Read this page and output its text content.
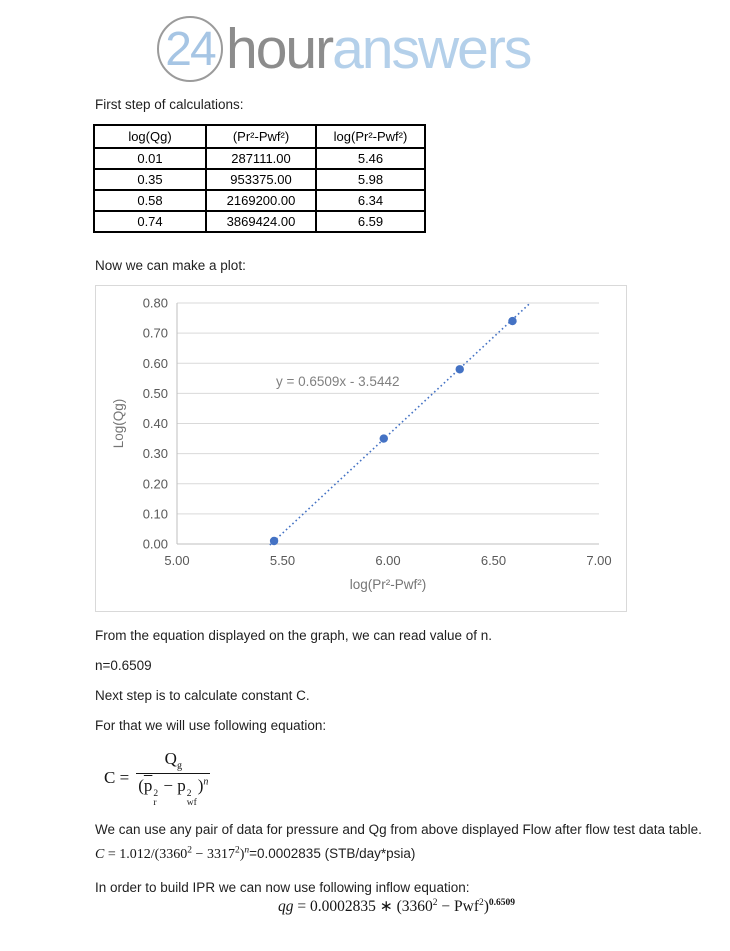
24 hour answers
First step of calculations:
log(Qg)	(Pr²-Pwf²)	log(Pr²-Pwf²)
0.01	287111.00	5.46
0.35	953375.00	5.98
0.58	2169200.00	6.34
0.74	3869424.00	6.59
Now we can make a plot:
0.00
0.10
0.20
0.30
0.40
0.50
0.60
0.70
0.80
5.00	5.50	6.00	6.50	7.00
y = 0.6509x - 3.5442
log(Pr²-Pwf²)
Log(Qg)
From the equation displayed on the graph, we can read value of n.
n=0.6509
Next step is to calculate constant C.
For that we will use following equation:
$C = Q_g$
($\overline{p}$ 2
r
− p 2
wf
)$^n$
We can use any pair of data for pressure and Qg from above displayed Flow after flow test data table.
$C = 1.012/(3360^2 - 3317^2)^n=0.0002835$ (STB/day*psia)
In order to build IPR we can now use following inflow equation:
qg = 0.0002835 ∗ $(3360^2 - Pwf^2)^{0.6509}$
